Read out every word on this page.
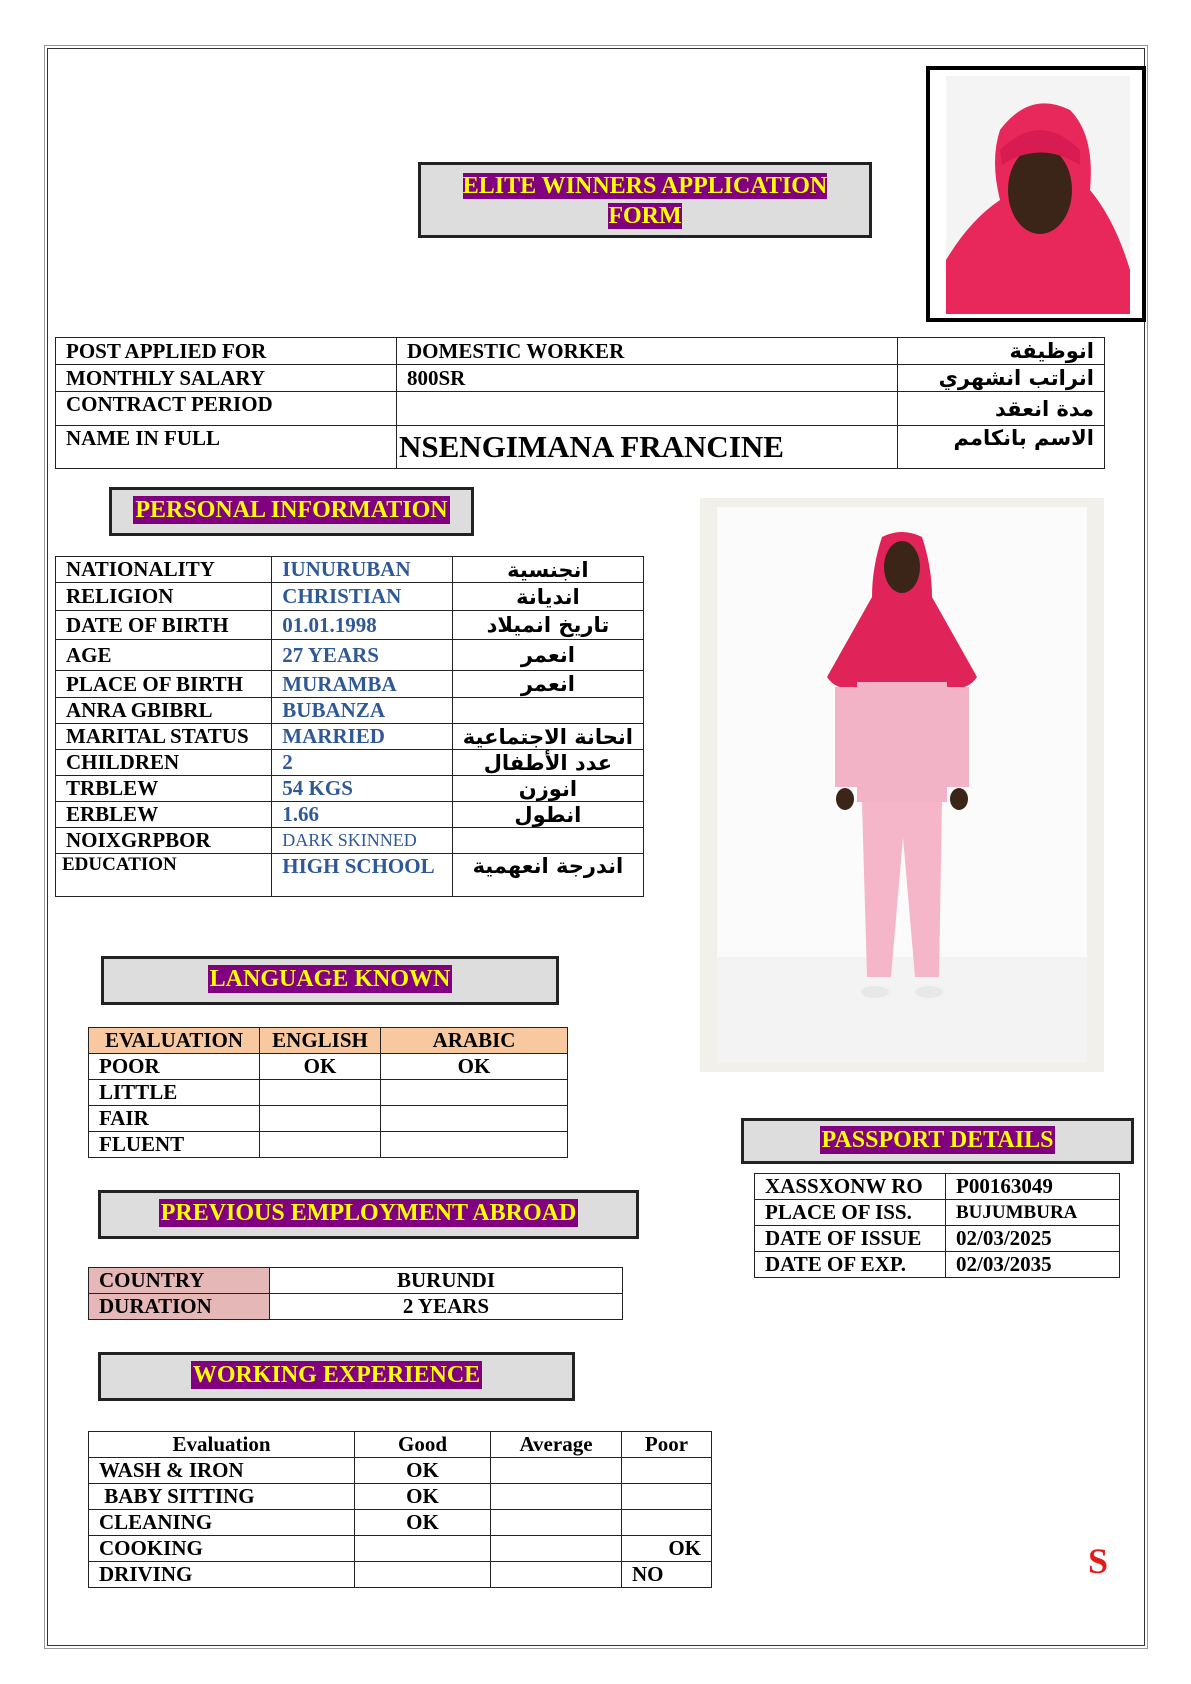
ELITE WINNERS APPLICATION
FORM
POST APPLIED FOR	DOMESTIC WORKER	انوظيفة
MONTHLY SALARY	800SR	انراتب انشهري
CONTRACT PERIOD		مدة انعقد
NAME IN FULL	NSENGIMANA FRANCINE	الاسم بانكامم
PERSONAL INFORMATION
NATIONALITY	IUNURUBAN	انجنسية
RELIGION	CHRISTIAN	انديانة
DATE OF BIRTH	01.01.1998	تاريخ انميلاد
AGE	27 YEARS	انعمر
PLACE OF BIRTH	MURAMBA	انعمر
ANRA GBIBRL	BUBANZA	
MARITAL STATUS	MARRIED	انحانة الاجتماعية
CHILDREN	2	عدد الأطفال
TRBLEW	54 KGS	انوزن
ERBLEW	1.66	انطول
NOIXGRPBOR	DARK SKINNED	
EDUCATION	HIGH SCHOOL	اندرجة انعهمية
LANGUAGE KNOWN
EVALUATION	ENGLISH	ARABIC
POOR	OK	OK
LITTLE		
FAIR		
FLUENT		
PREVIOUS EMPLOYMENT ABROAD
COUNTRY	BURUNDI
DURATION	2 YEARS
WORKING EXPERIENCE
Evaluation	Good	Average	Poor
WASH & IRON	OK		
BABY SITTING	OK		
CLEANING	OK		
COOKING			OK
DRIVING			NO
PASSPORT DETAILS
XASSXONW RO	P00163049
PLACE OF ISS.	BUJUMBURA
DATE OF ISSUE	02/03/2025
DATE OF EXP.	02/03/2035
S
